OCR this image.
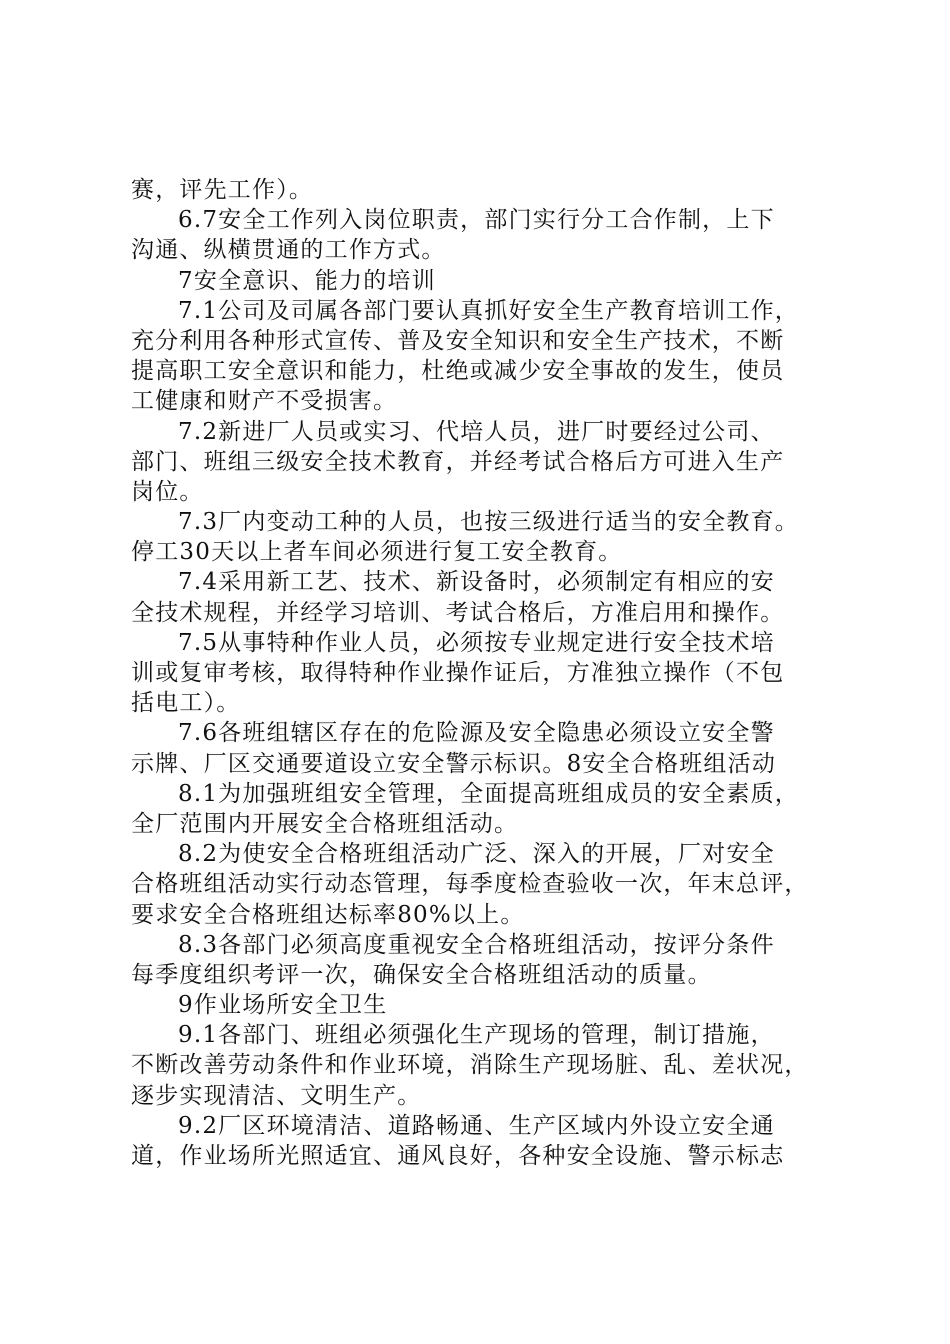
赛，评先工作）。
6.7安全工作列入岗位职责，部门实行分工合作制，上下
沟通、纵横贯通的工作方式。
7安全意识、能力的培训
7.1公司及司属各部门要认真抓好安全生产教育培训工作，
充分利用各种形式宣传、普及安全知识和安全生产技术，不断
提高职工安全意识和能力，杜绝或减少安全事故的发生，使员
工健康和财产不受损害。
7.2新进厂人员或实习、代培人员，进厂时要经过公司、
部门、班组三级安全技术教育，并经考试合格后方可进入生产
岗位。
7.3厂内变动工种的人员，也按三级进行适当的安全教育。
停工30天以上者车间必须进行复工安全教育。
7.4采用新工艺、技术、新设备时，必须制定有相应的安
全技术规程，并经学习培训、考试合格后，方准启用和操作。
7.5从事特种作业人员，必须按专业规定进行安全技术培
训或复审考核，取得特种作业操作证后，方准独立操作（不包
括电工）。
7.6各班组辖区存在的危险源及安全隐患必须设立安全警
示牌、厂区交通要道设立安全警示标识。8安全合格班组活动
8.1为加强班组安全管理，全面提高班组成员的安全素质，
全厂范围内开展安全合格班组活动。
8.2为使安全合格班组活动广泛、深入的开展，厂对安全
合格班组活动实行动态管理，每季度检查验收一次，年末总评，
要求安全合格班组达标率80%以上。
8.3各部门必须高度重视安全合格班组活动，按评分条件
每季度组织考评一次，确保安全合格班组活动的质量。
9作业场所安全卫生
9.1各部门、班组必须强化生产现场的管理，制订措施，
不断改善劳动条件和作业环境，消除生产现场脏、乱、差状况，
逐步实现清洁、文明生产。
9.2厂区环境清洁、道路畅通、生产区域内外设立安全通
道，作业场所光照适宜、通风良好，各种安全设施、警示标志
